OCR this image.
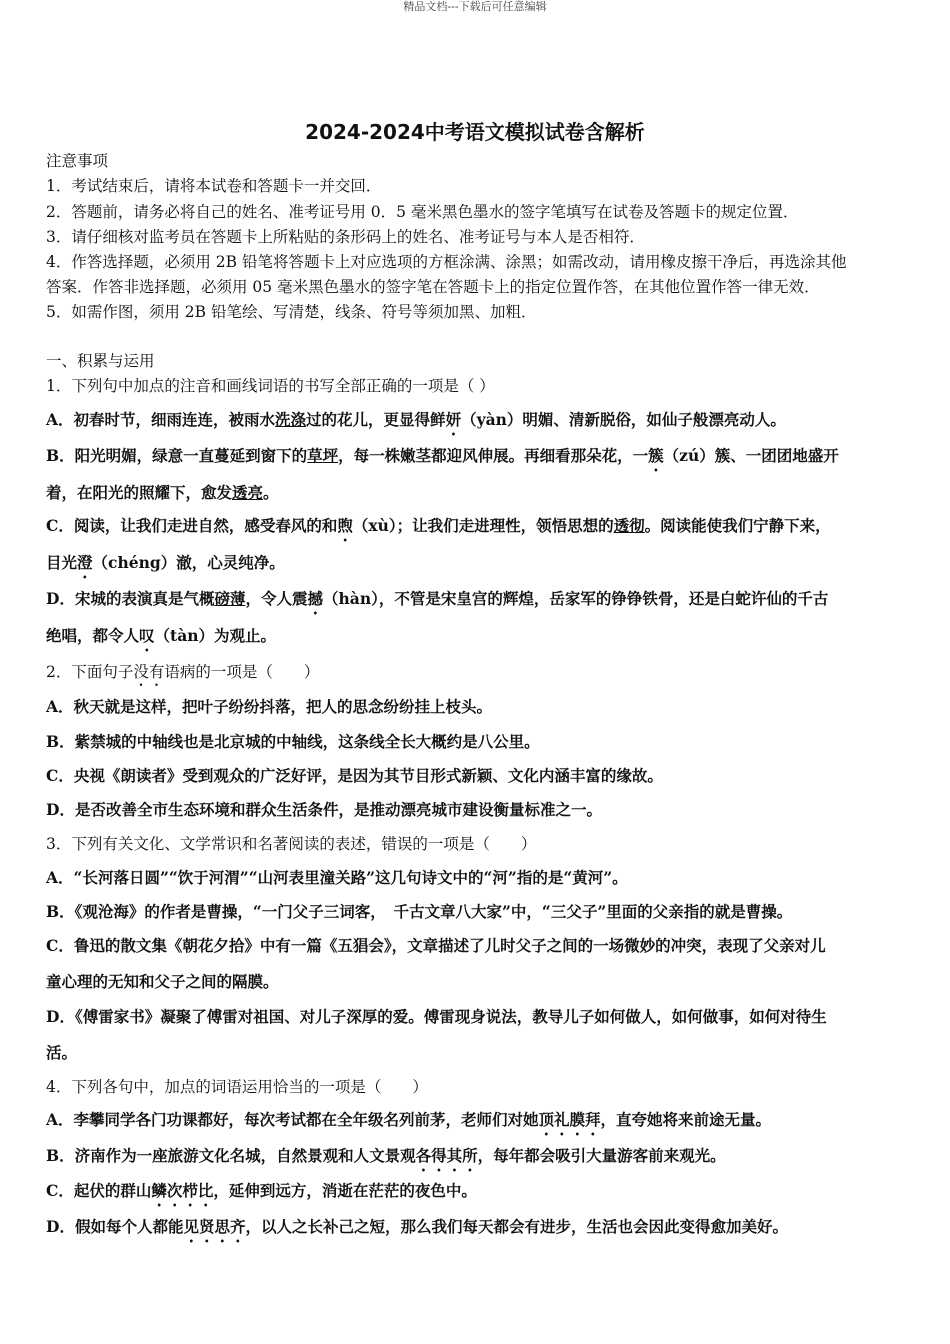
精品文档---下载后可任意编辑
2024-2024中考语文模拟试卷含解析
注意事项
1．考试结束后，请将本试卷和答题卡一并交回．
2．答题前，请务必将自己的姓名、准考证号用 0．5 毫米黑色墨水的签字笔填写在试卷及答题卡的规定位置．
3．请仔细核对监考员在答题卡上所粘贴的条形码上的姓名、准考证号与本人是否相符．
4．作答选择题，必须用 2B 铅笔将答题卡上对应选项的方框涂满、涂黑；如需改动，请用橡皮擦干净后，再选涂其他
答案．作答非选择题，必须用 05 毫米黑色墨水的签字笔在答题卡上的指定位置作答，在其他位置作答一律无效．
5．如需作图，须用 2B 铅笔绘、写清楚，线条、符号等须加黑、加粗．
一、积累与运用
1．下列句中加点的注音和画线词语的书写全部正确的一项是（ ）
A．初春时节，细雨连连，被雨水洗涤过的花儿，更显得鲜妍（yàn）明媚、清新脱俗，如仙子般漂亮动人。
B．阳光明媚，绿意一直蔓延到窗下的草坪，每一株嫩茎都迎风伸展。再细看那朵花，一簇（zú）簇、一团团地盛开
着，在阳光的照耀下，愈发透亮。
C．阅读，让我们走进自然，感受春风的和煦（xù）；让我们走进理性，领悟思想的透彻。阅读能使我们宁静下来，
目光澄（chéng）澈，心灵纯净。
D．宋城的表演真是气概磅薄，令人震撼（hàn），不管是宋皇宫的辉煌，岳家军的铮铮铁骨，还是白蛇许仙的千古
绝唱，都令人叹（tàn）为观止。
2．下面句子没有语病的一项是（　　）
A．秋天就是这样，把叶子纷纷抖落，把人的思念纷纷挂上枝头。
B．紫禁城的中轴线也是北京城的中轴线，这条线全长大概约是八公里。
C．央视《朗读者》受到观众的广泛好评，是因为其节目形式新颖、文化内涵丰富的缘故。
D．是否改善全市生态环境和群众生活条件，是推动漂亮城市建设衡量标准之一。
3．下列有关文化、文学常识和名著阅读的表述，错误的一项是（　　）
A．“长河落日圆”“饮于河渭”“山河表里潼关路”这几句诗文中的“河”指的是“黄河”。
B．《观沧海》的作者是曹操，“一门父子三词客，　千古文章八大家”中，“三父子”里面的父亲指的就是曹操。
C．鲁迅的散文集《朝花夕拾》中有一篇《五猖会》，文章描述了儿时父子之间的一场微妙的冲突，表现了父亲对儿
童心理的无知和父子之间的隔膜。
D．《傅雷家书》凝聚了傅雷对祖国、对儿子深厚的爱。傅雷现身说法，教导儿子如何做人，如何做事，如何对待生
活。
4．下列各句中，加点的词语运用恰当的一项是（　　）
A．李攀同学各门功课都好，每次考试都在全年级名列前茅，老师们对她顶礼膜拜，直夸她将来前途无量。
B．济南作为一座旅游文化名城，自然景观和人文景观各得其所，每年都会吸引大量游客前来观光。
C．起伏的群山鳞次栉比，延伸到远方，消逝在茫茫的夜色中。
D．假如每个人都能见贤思齐，以人之长补己之短，那么我们每天都会有进步，生活也会因此变得愈加美好。
